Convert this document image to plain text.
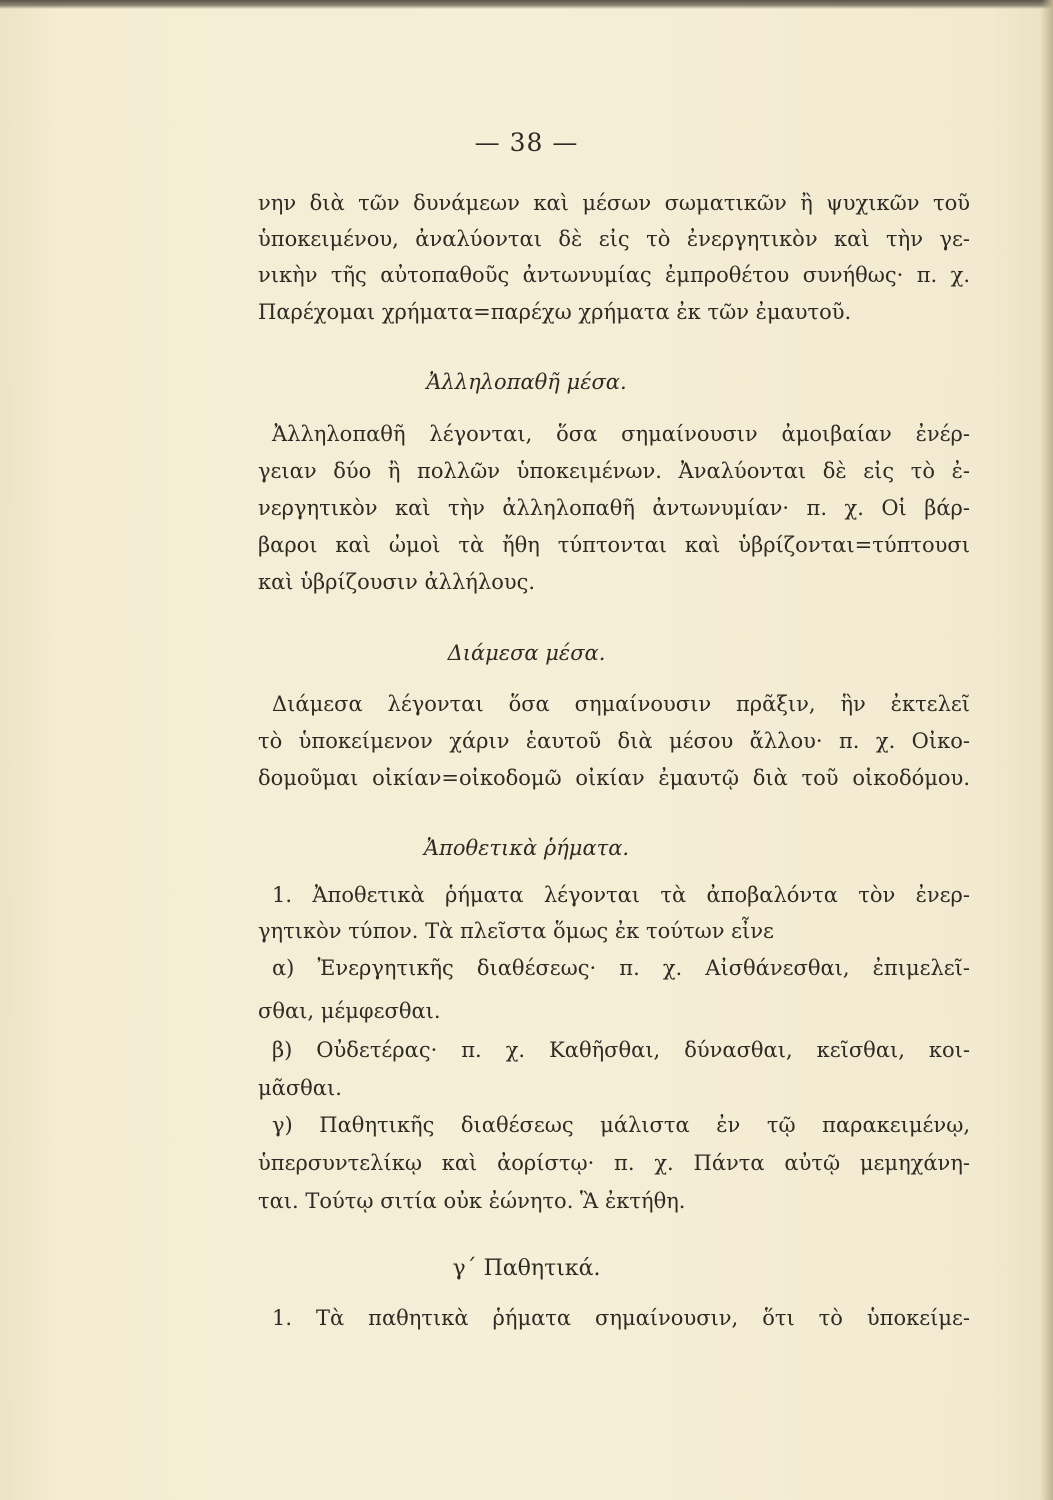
— 38 —
νην διὰ τῶν δυνάμεων καὶ μέσων σωματικῶν ἢ ψυχικῶν τοῦ
ὑποκειμένου, ἀναλύονται δὲ εἰς τὸ ἐνεργητικὸν καὶ τὴν γε-
νικὴν τῆς αὐτοπαθοῦς ἀντωνυμίας ἐμπροθέτου συνήθως· π. χ.
Παρέχομαι χρήματα=παρέχω χρήματα ἐκ τῶν ἐμαυτοῦ.
Ἀλληλοπαθῆ μέσα.
Ἀλληλοπαθῆ λέγονται, ὅσα σημαίνουσιν ἀμοιβαίαν ἐνέρ-
γειαν δύο ἢ πολλῶν ὑποκειμένων. Ἀναλύονται δὲ εἰς τὸ ἐ-
νεργητικὸν καὶ τὴν ἀλληλοπαθῆ ἀντωνυμίαν· π. χ. Οἱ βάρ-
βαροι καὶ ὠμοὶ τὰ ἤθη τύπτονται καὶ ὑβρίζονται=τύπτουσι
καὶ ὑβρίζουσιν ἀλλήλους.
Διάμεσα μέσα.
Διάμεσα λέγονται ὅσα σημαίνουσιν πρᾶξιν, ἣν ἐκτελεῖ
τὸ ὑποκείμενον χάριν ἑαυτοῦ διὰ μέσου ἄλλου· π. χ. Οἰκο-
δομοῦμαι οἰκίαν=οἰκοδομῶ οἰκίαν ἐμαυτῷ διὰ τοῦ οἰκοδόμου.
Ἀποθετικὰ ῥήματα.
1. Ἀποθετικὰ ῥήματα λέγονται τὰ ἀποβαλόντα τὸν ἐνερ-
γητικὸν τύπον. Τὰ πλεῖστα ὅμως ἐκ τούτων εἶνε
α) Ἐνεργητικῆς διαθέσεως· π. χ. Αἰσθάνεσθαι, ἐπιμελεῖ-
σθαι, μέμφεσθαι.
β) Οὐδετέρας· π. χ. Καθῆσθαι, δύνασθαι, κεῖσθαι, κοι-
μᾶσθαι.
γ) Παθητικῆς διαθέσεως μάλιστα ἐν τῷ παρακειμένῳ,
ὑπερσυντελίκῳ καὶ ἀορίστῳ· π. χ. Πάντα αὐτῷ μεμηχάνη-
ται. Τούτῳ σιτία οὐκ ἐώνητο. Ἃ ἐκτήθη.
γ΄ Παθητικά.
1. Τὰ παθητικὰ ῥήματα σημαίνουσιν, ὅτι τὸ ὑποκείμε-
